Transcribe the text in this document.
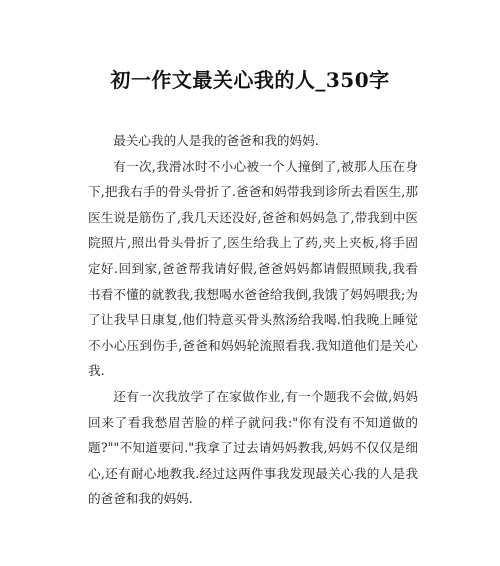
初一作文最关心我的人_350字

最关心我的人是我的爸爸和我的妈妈.

有一次,我滑冰时不小心被一个人撞倒了,被那人压在身下,把我右手的骨头骨折了.爸爸和妈带我到诊所去看医生,那医生说是筋伤了,我几天还没好,爸爸和妈妈急了,带我到中医院照片,照出骨头骨折了,医生给我上了药,夹上夹板,将手固定好.回到家,爸爸帮我请好假,爸爸妈妈都请假照顾我,我看书看不懂的就教我,我想喝水爸爸给我倒,我饿了妈妈喂我;为了让我早日康复,他们特意买骨头熬汤给我喝.怕我晚上睡觉不小心压到伤手,爸爸和妈妈轮流照看我.我知道他们是关心我.

还有一次我放学了在家做作业,有一个题我不会做,妈妈回来了看我愁眉苦脸的样子就问我:"你有没有不知道做的题?""不知道要问."我拿了过去请妈妈教我,妈妈不仅仅是细心,还有耐心地教我.经过这两件事我发现最关心我的人是我的爸爸和我的妈妈.
